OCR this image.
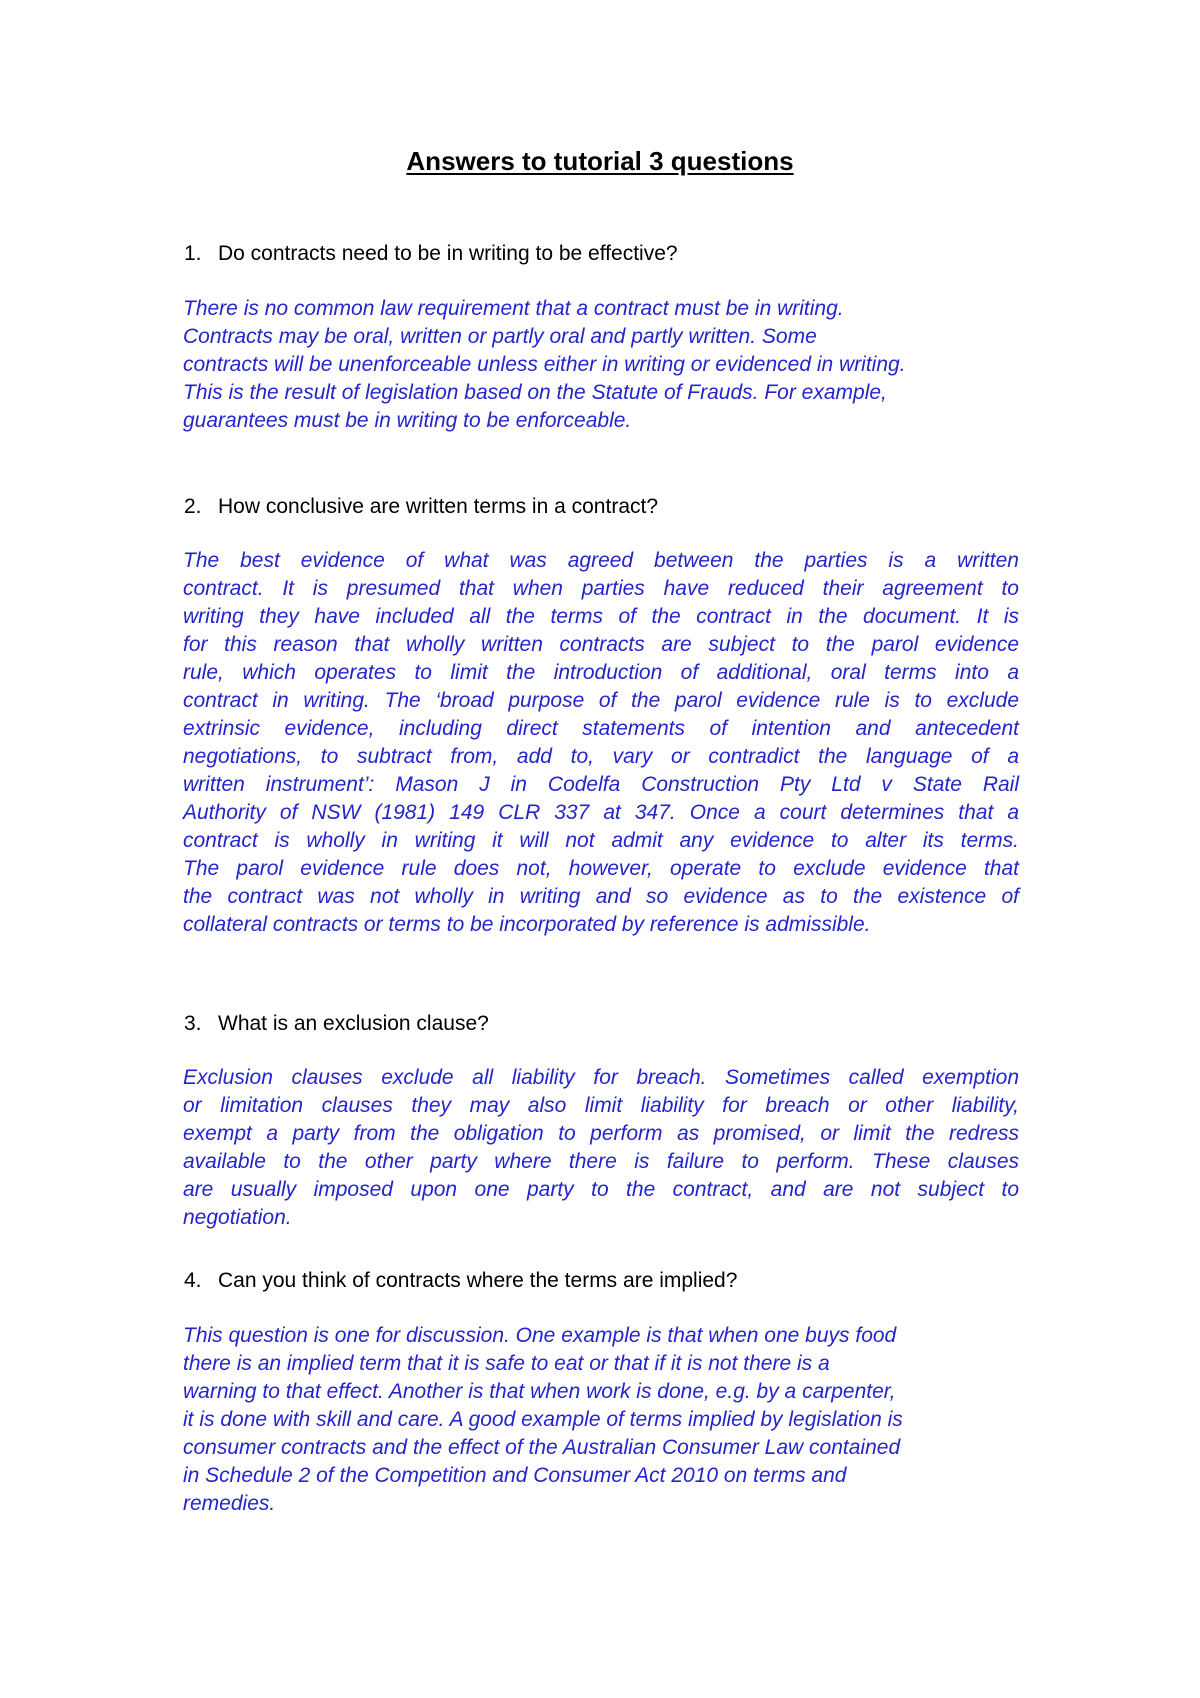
Answers to tutorial 3 questions
1. Do contracts need to be in writing to be effective?
There is no common law requirement that a contract must be in writing.
Contracts may be oral, written or partly oral and partly written. Some
contracts will be unenforceable unless either in writing or evidenced in writing.
This is the result of legislation based on the Statute of Frauds. For example,
guarantees must be in writing to be enforceable.
2. How conclusive are written terms in a contract?
The best evidence of what was agreed between the parties is a written
contract. It is presumed that when parties have reduced their agreement to
writing they have included all the terms of the contract in the document. It is
for this reason that wholly written contracts are subject to the parol evidence
rule, which operates to limit the introduction of additional, oral terms into a
contract in writing. The ‘broad purpose of the parol evidence rule is to exclude
extrinsic evidence, including direct statements of intention and antecedent
negotiations, to subtract from, add to, vary or contradict the language of a
written instrument’: Mason J in Codelfa Construction Pty Ltd v State Rail
Authority of NSW (1981) 149 CLR 337 at 347. Once a court determines that a
contract is wholly in writing it will not admit any evidence to alter its terms.
The parol evidence rule does not, however, operate to exclude evidence that
the contract was not wholly in writing and so evidence as to the existence of
collateral contracts or terms to be incorporated by reference is admissible.
3. What is an exclusion clause?
Exclusion clauses exclude all liability for breach. Sometimes called exemption
or limitation clauses they may also limit liability for breach or other liability,
exempt a party from the obligation to perform as promised, or limit the redress
available to the other party where there is failure to perform. These clauses
are usually imposed upon one party to the contract, and are not subject to
negotiation.
4. Can you think of contracts where the terms are implied?
This question is one for discussion. One example is that when one buys food
there is an implied term that it is safe to eat or that if it is not there is a
warning to that effect. Another is that when work is done, e.g. by a carpenter,
it is done with skill and care. A good example of terms implied by legislation is
consumer contracts and the effect of the Australian Consumer Law contained
in Schedule 2 of the Competition and Consumer Act 2010 on terms and
remedies.
